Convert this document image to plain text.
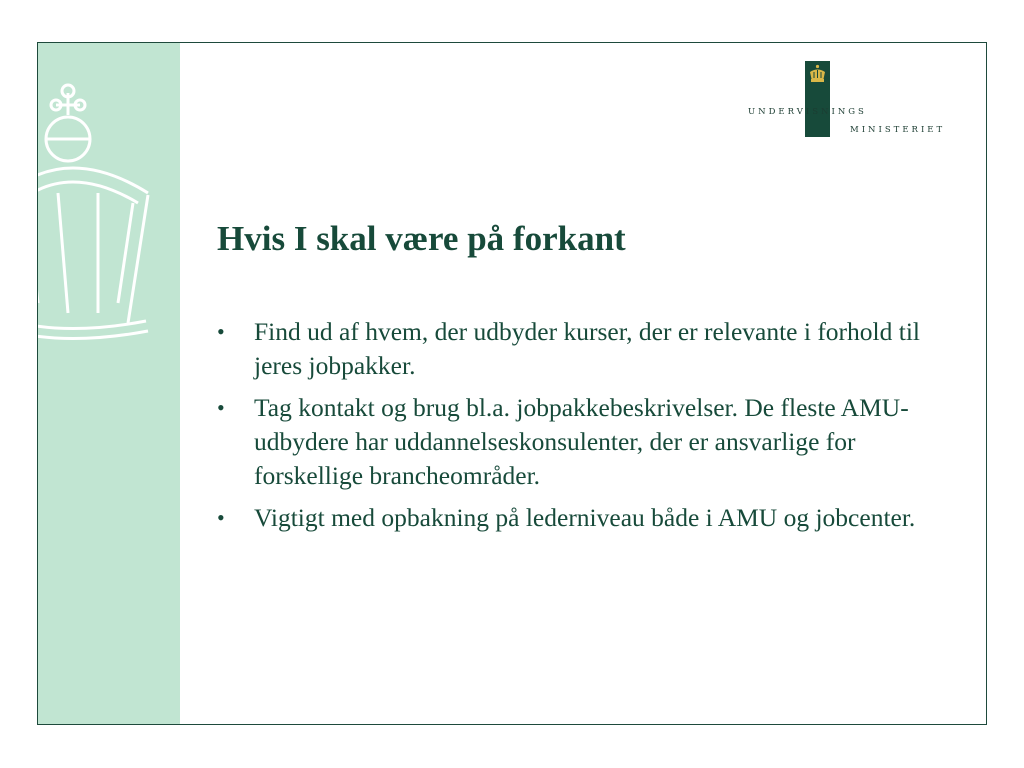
UNDERVISNINGS
MINISTERIET
Hvis I skal være på forkant
• Find ud af hvem, der udbyder kurser, der er relevante i forhold til jeres jobpakker.
• Tag kontakt og brug bl.a. jobpakkebeskrivelser. De fleste AMU-udbydere har uddannelseskonsulenter, der er ansvarlige for forskellige brancheområder.
• Vigtigt med opbakning på lederniveau både i AMU og jobcenter.
